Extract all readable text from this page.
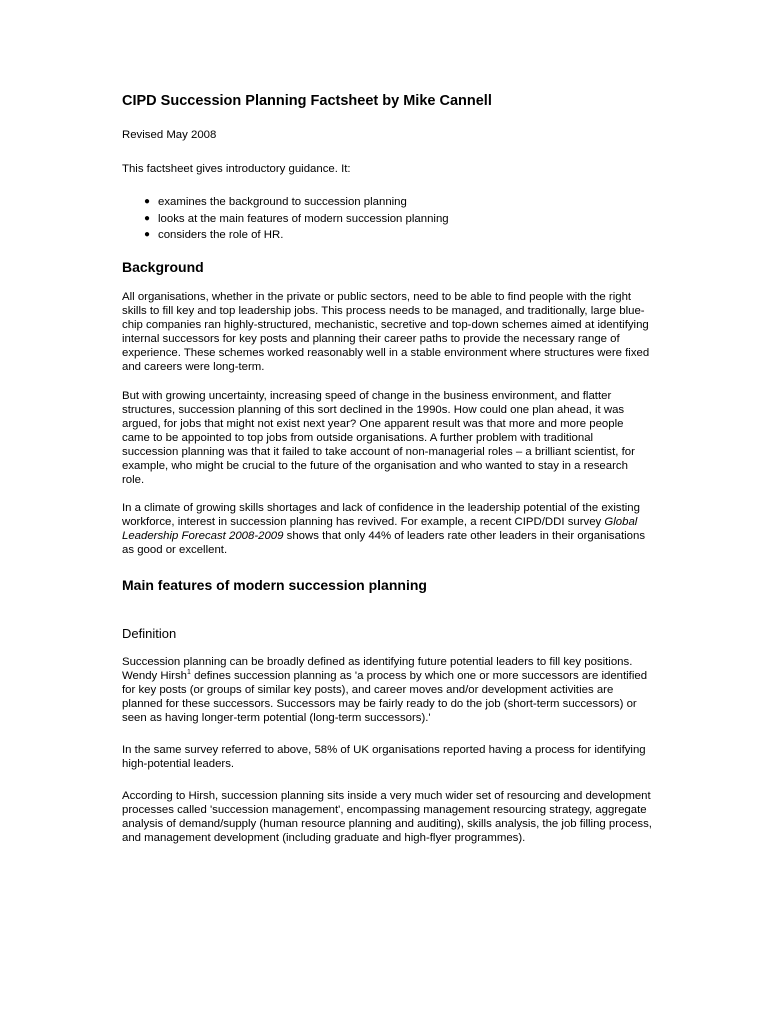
CIPD Succession Planning Factsheet by Mike Cannell

Revised May 2008

This factsheet gives introductory guidance. It:

● examines the background to succession planning
● looks at the main features of modern succession planning
● considers the role of HR.
Background

All organisations, whether in the private or public sectors, need to be able to find people with the right skills to fill key and top leadership jobs. This process needs to be managed, and traditionally, large blue-chip companies ran highly-structured, mechanistic, secretive and top-down schemes aimed at identifying internal successors for key posts and planning their career paths to provide the necessary range of experience. These schemes worked reasonably well in a stable environment where structures were fixed and careers were long-term.

But with growing uncertainty, increasing speed of change in the business environment, and flatter structures, succession planning of this sort declined in the 1990s. How could one plan ahead, it was argued, for jobs that might not exist next year? One apparent result was that more and more people came to be appointed to top jobs from outside organisations. A further problem with traditional succession planning was that it failed to take account of non-managerial roles – a brilliant scientist, for example, who might be crucial to the future of the organisation and who wanted to stay in a research role.

In a climate of growing skills shortages and lack of confidence in the leadership potential of the existing workforce, interest in succession planning has revived. For example, a recent CIPD/DDI survey Global Leadership Forecast 2008-2009 shows that only 44% of leaders rate other leaders in their organisations as good or excellent.

Main features of modern succession planning
Definition

Succession planning can be broadly defined as identifying future potential leaders to fill key positions. Wendy Hirsh$^1$ defines succession planning as 'a process by which one or more successors are identified for key posts (or groups of similar key posts), and career moves and/or development activities are planned for these successors. Successors may be fairly ready to do the job (short-term successors) or seen as having longer-term potential (long-term successors).'

In the same survey referred to above, 58% of UK organisations reported having a process for identifying high-potential leaders.

According to Hirsh, succession planning sits inside a very much wider set of resourcing and development processes called 'succession management', encompassing management resourcing strategy, aggregate analysis of demand/supply (human resource planning and auditing), skills analysis, the job filling process, and management development (including graduate and high-flyer programmes).
